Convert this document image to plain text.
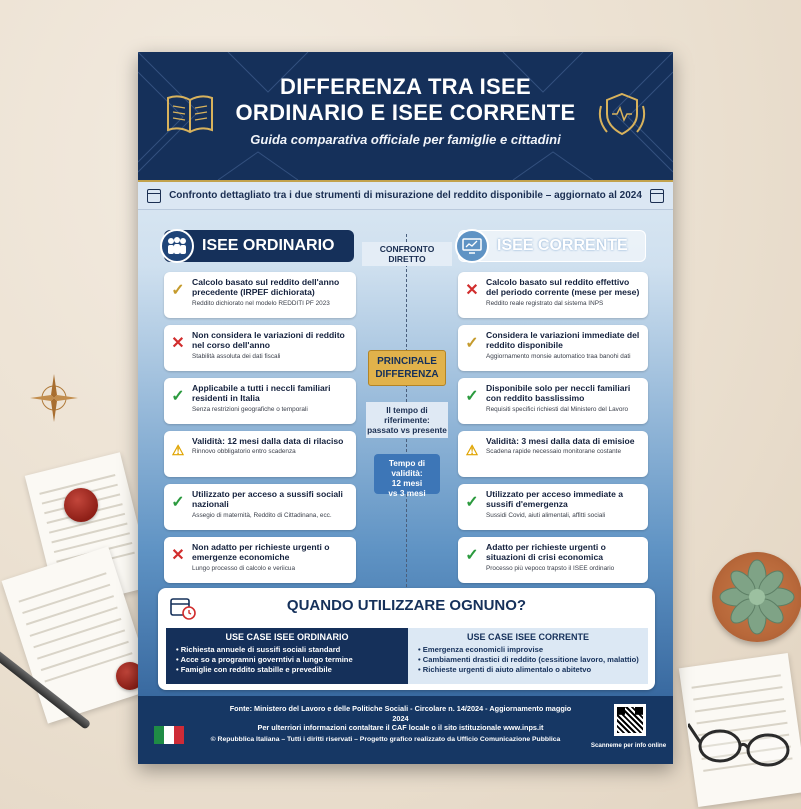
DIFFERENZA TRA ISEE
ORDINARIO E ISEE CORRENTE
Guida comparativa officiale per famiglie e cittadini
Confronto dettagliato tra i due strumenti di misurazione del reddito disponibile – aggiornato al 2024
ISEE ORDINARIO	ISEE CORRENTE
✓ Calcolo basato sul reddito dell'anno precedente (IRPEF dichiorata)
Reddito dichiorato nel modelo REDDITI PF 2023
✕ Non considera le variazioni di reddito nel corso dell'anno
Stabilità assoluta dei dati fiscali
✓ Applicabile a tutti i neccli familiari residenti in Italia
Senza restrizioni geografiche o temporali
⚠
Validità: 12 mesi dalla data di rilaciso
Rinnovo obbligatorio entro scadenza
✓ Utilizzato per acceso a sussifi sociali nazionali
Assegio di maternità, Reddito di Cittadinana, ecc.
✕ Non adatto per richieste urgenti o emergenze economiche
Lungo processo di calcolo e veriicua
✕ Calcolo basato sul reddito effettivo del periodo corrente (mese per mese)
Reddito reale registrato dal sistema INPS
✓ Considera le variazioni immediate del reddito disponibile
Aggiornamento monsie automatico traa banohi dati
✓ Disponibile solo per neccli familiari con reddito basslissimo
Requisiti specifici richiesti dal Ministero del Lavoro
⚠
Validità: 3 mesi dalla data di emisioe
Scadena rapide necessaio monitorane costante
✓ Utilizzato per acceso immediate a sussifi d'emergenza
Sussidi Covid, aiuti alimentali, affitti sociali
✓ Adatto per richieste urgenti o situazioni di crisi economica
Processo più vepoco trapsto il ISEE ordinario
CONFRONTO
DIRETTO
PRINCIPALE
DIFFERENZA
Il tempo di
riferimente:
passato vs presente
Tempo di validità:
12 mesi
vs 3 mesi
QUANDO UTILIZZARE OGNUNO?
USE CASE ISEE ORDINARIO
• Richiesta annuele di sussifi sociali standard
• Acce so a programni governtivi a lungo termine
• Famiglie con reddito stabille e prevedibile
USE CASE ISEE CORRENTE
• Emergenza economicli improvise
• Cambiamenti drastici di reddito (cessitione lavoro, malattio)
• Richieste urgenti di aiuto alimentalo o abitetvo
Fonte: Ministero del Lavoro e delle Politiche Sociali - Circolare n. 14/2024 - Aggiornamento maggio 2024
Per ulterriori informazioni contaltare il CAF locale o il sito istituzionale www.inps.it
© Repubblica Italiana – Tutti i diritti riservati – Progetto grafico realizzato da Ufficio Comunicazione Pubblica
Scanneme per info online
